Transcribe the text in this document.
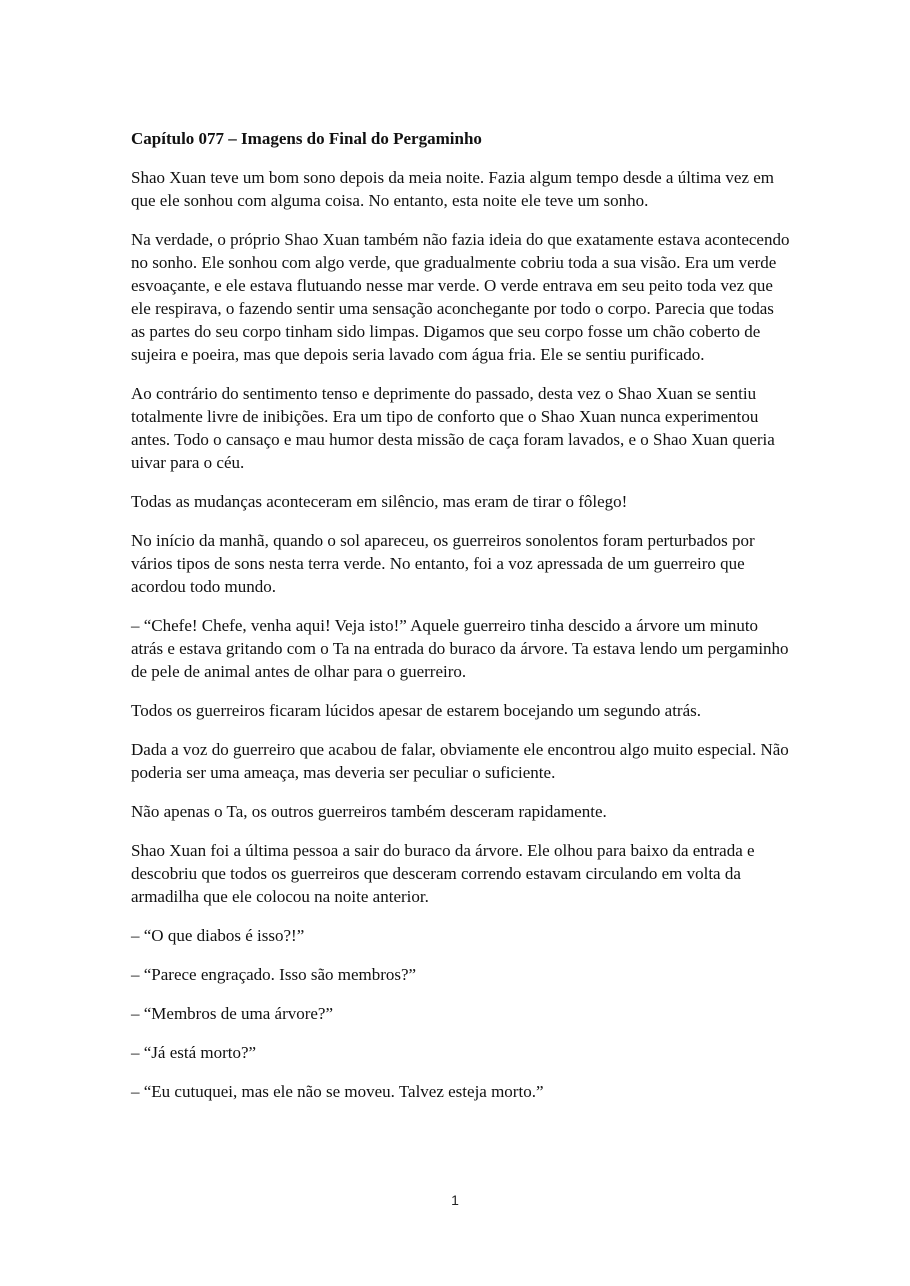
Capítulo 077 – Imagens do Final do Pergaminho

Shao Xuan teve um bom sono depois da meia noite. Fazia algum tempo desde a última vez em que ele sonhou com alguma coisa. No entanto, esta noite ele teve um sonho.

Na verdade, o próprio Shao Xuan também não fazia ideia do que exatamente estava acontecendo no sonho. Ele sonhou com algo verde, que gradualmente cobriu toda a sua visão. Era um verde esvoaçante, e ele estava flutuando nesse mar verde. O verde entrava em seu peito toda vez que ele respirava, o fazendo sentir uma sensação aconchegante por todo o corpo. Parecia que todas as partes do seu corpo tinham sido limpas. Digamos que seu corpo fosse um chão coberto de sujeira e poeira, mas que depois seria lavado com água fria. Ele se sentiu purificado.

Ao contrário do sentimento tenso e deprimente do passado, desta vez o Shao Xuan se sentiu totalmente livre de inibições. Era um tipo de conforto que o Shao Xuan nunca experimentou antes. Todo o cansaço e mau humor desta missão de caça foram lavados, e o Shao Xuan queria uivar para o céu.

Todas as mudanças aconteceram em silêncio, mas eram de tirar o fôlego!

No início da manhã, quando o sol apareceu, os guerreiros sonolentos foram perturbados por vários tipos de sons nesta terra verde. No entanto, foi a voz apressada de um guerreiro que acordou todo mundo.

– “Chefe! Chefe, venha aqui! Veja isto!” Aquele guerreiro tinha descido a árvore um minuto atrás e estava gritando com o Ta na entrada do buraco da árvore. Ta estava lendo um pergaminho de pele de animal antes de olhar para o guerreiro.

Todos os guerreiros ficaram lúcidos apesar de estarem bocejando um segundo atrás.

Dada a voz do guerreiro que acabou de falar, obviamente ele encontrou algo muito especial. Não poderia ser uma ameaça, mas deveria ser peculiar o suficiente.

Não apenas o Ta, os outros guerreiros também desceram rapidamente.

Shao Xuan foi a última pessoa a sair do buraco da árvore. Ele olhou para baixo da entrada e descobriu que todos os guerreiros que desceram correndo estavam circulando em volta da armadilha que ele colocou na noite anterior.

– “O que diabos é isso?!”

– “Parece engraçado. Isso são membros?”

– “Membros de uma árvore?”

– “Já está morto?”

– “Eu cutuquei, mas ele não se moveu. Talvez esteja morto.”

1
